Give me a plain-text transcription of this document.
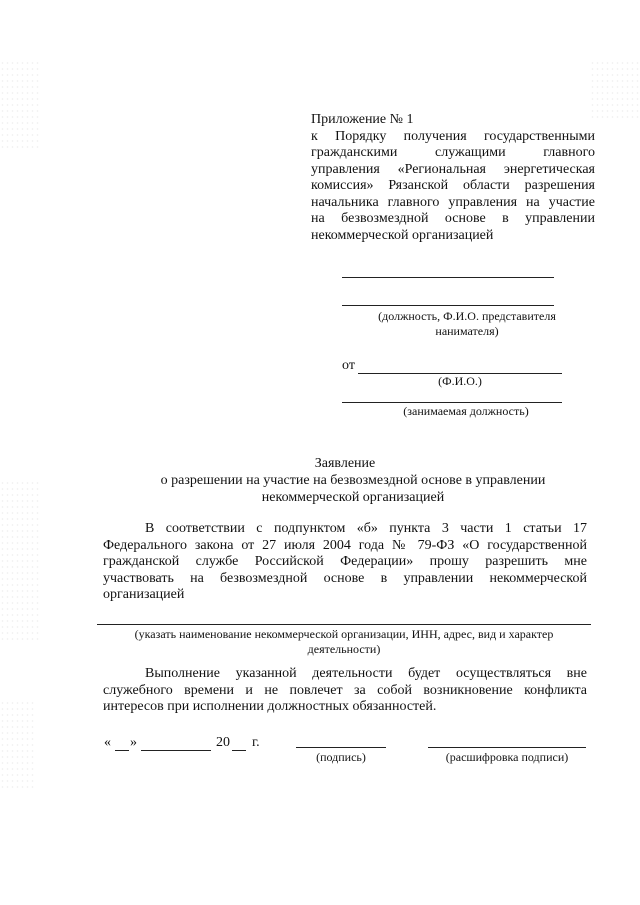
Приложение № 1
к Порядку получения государственными
гражданскими служащими главного
управления «Региональная энергетическая
комиссия» Рязанской области разрешения
начальника главного управления на участие
на безвозмездной основе в управлении
некоммерческой организацией
(должность, Ф.И.О. представителя
нанимателя)
от
(Ф.И.О.)
(занимаемая должность)
Заявление
о разрешении на участие на безвозмездной основе в управлении
некоммерческой организацией
В соответствии с подпунктом «б» пункта 3 части 1 статьи 17
Федерального закона от 27 июля 2004 года № 79-ФЗ «О государственной
гражданской службе Российской Федерации» прошу разрешить мне
участвовать на безвозмездной основе в управлении некоммерческой
организацией
(указать наименование некоммерческой организации, ИНН, адрес, вид и характер
деятельности)
Выполнение указанной деятельности будет осуществляться вне
служебного времени и не повлечет за собой возникновение конфликта
интересов при исполнении должностных обязанностей.
« »	20 г.
(подпись)	(расшифровка подписи)
